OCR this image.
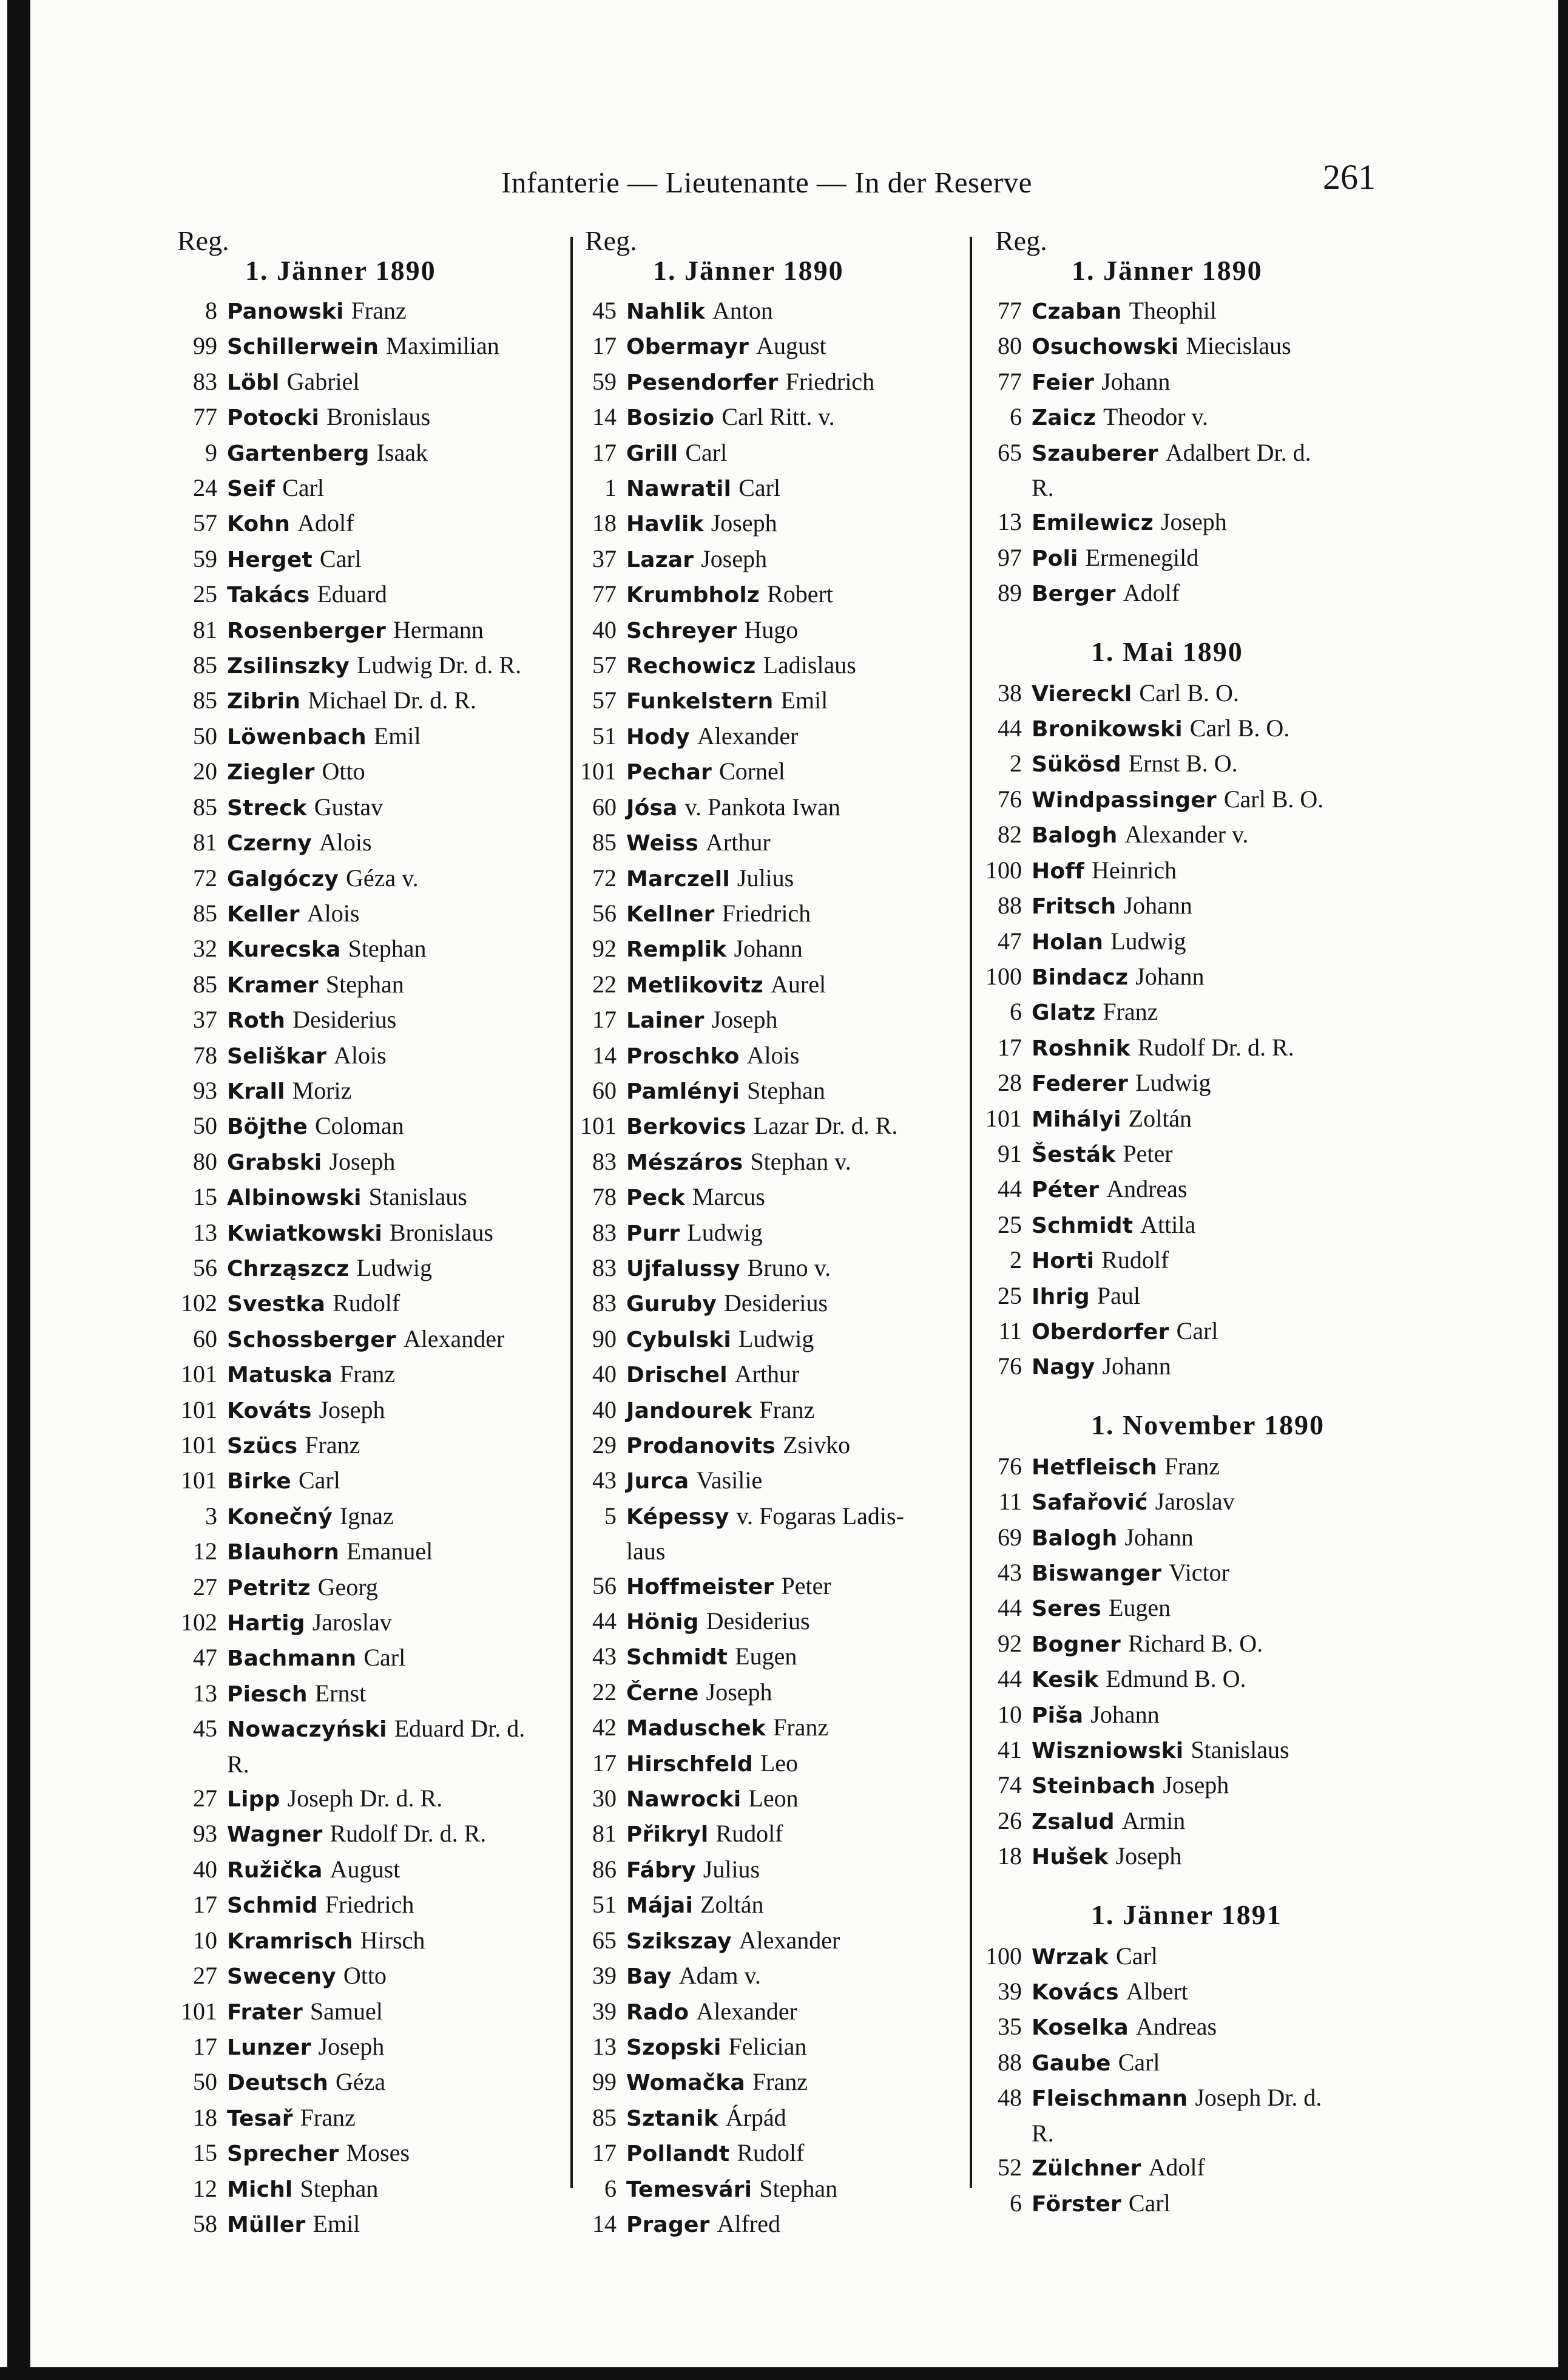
Infanterie — Lieutenante — In der Reserve	261
Reg.
1. Jänner 1890
8 Panowski Franz
99 Schillerwein Maximilian
83 Löbl Gabriel
77 Potocki Bronislaus
9 Gartenberg Isaak
24 Seif Carl
57 Kohn Adolf
59 Herget Carl
25 Takács Eduard
81 Rosenberger Hermann
85 Zsilinszky Ludwig Dr. d. R.
85 Zibrin Michael Dr. d. R.
50 Löwenbach Emil
20 Ziegler Otto
85 Streck Gustav
81 Czerny Alois
72 Galgóczy Géza v.
85 Keller Alois
32 Kurecska Stephan
85 Kramer Stephan
37 Roth Desiderius
78 Seliškar Alois
93 Krall Moriz
50 Böjthe Coloman
80 Grabski Joseph
15 Albinowski Stanislaus
13 Kwiatkowski Bronislaus
56 Chrząszcz Ludwig
102 Svestka Rudolf
60 Schossberger Alexander
101 Matuska Franz
101 Kováts Joseph
101 Szücs Franz
101 Birke Carl
3 Konečný Ignaz
12 Blauhorn Emanuel
27 Petritz Georg
102 Hartig Jaroslav
47 Bachmann Carl
13 Piesch Ernst
45 Nowaczyński Eduard Dr. d.
R.
27 Lipp Joseph Dr. d. R.
93 Wagner Rudolf Dr. d. R.
40 Ružička August
17 Schmid Friedrich
10 Kramrisch Hirsch
27 Sweceny Otto
101 Frater Samuel
17 Lunzer Joseph
50 Deutsch Géza
18 Tesař Franz
15 Sprecher Moses
12 Michl Stephan
58 Müller Emil
Reg.
1. Jänner 1890
45 Nahlik Anton
17 Obermayr August
59 Pesendorfer Friedrich
14 Bosizio Carl Ritt. v.
17 Grill Carl
1 Nawratil Carl
18 Havlik Joseph
37 Lazar Joseph
77 Krumbholz Robert
40 Schreyer Hugo
57 Rechowicz Ladislaus
57 Funkelstern Emil
51 Hody Alexander
101 Pechar Cornel
60 Jósa v. Pankota Iwan
85 Weiss Arthur
72 Marczell Julius
56 Kellner Friedrich
92 Remplik Johann
22 Metlikovitz Aurel
17 Lainer Joseph
14 Proschko Alois
60 Pamlényi Stephan
101 Berkovics Lazar Dr. d. R.
83 Mészáros Stephan v.
78 Peck Marcus
83 Purr Ludwig
83 Ujfalussy Bruno v.
83 Guruby Desiderius
90 Cybulski Ludwig
40 Drischel Arthur
40 Jandourek Franz
29 Prodanovits Zsivko
43 Jurca Vasilie
5 Képessy v. Fogaras Ladis-
laus
56 Hoffmeister Peter
44 Hönig Desiderius
43 Schmidt Eugen
22 Černe Joseph
42 Maduschek Franz
17 Hirschfeld Leo
30 Nawrocki Leon
81 Přikryl Rudolf
86 Fábry Julius
51 Májai Zoltán
65 Szikszay Alexander
39 Bay Adam v.
39 Rado Alexander
13 Szopski Felician
99 Womačka Franz
85 Sztanik Árpád
17 Pollandt Rudolf
6 Temesvári Stephan
14 Prager Alfred
Reg.
1. Jänner 1890
77 Czaban Theophil
80 Osuchowski Miecislaus
77 Feier Johann
6 Zaicz Theodor v.
65 Szauberer Adalbert Dr. d.
R.
13 Emilewicz Joseph
97 Poli Ermenegild
89 Berger Adolf
1. Mai 1890
38 Viereckl Carl B. O.
44 Bronikowski Carl B. O.
2 Sükösd Ernst B. O.
76 Windpassinger Carl B. O.
82 Balogh Alexander v.
100 Hoff Heinrich
88 Fritsch Johann
47 Holan Ludwig
100 Bindacz Johann
6 Glatz Franz
17 Roshnik Rudolf Dr. d. R.
28 Federer Ludwig
101 Mihályi Zoltán
91 Šesták Peter
44 Péter Andreas
25 Schmidt Attila
2 Horti Rudolf
25 Ihrig Paul
11 Oberdorfer Carl
76 Nagy Johann
1. November 1890
76 Hetfleisch Franz
11 Safařović Jaroslav
69 Balogh Johann
43 Biswanger Victor
44 Seres Eugen
92 Bogner Richard B. O.
44 Kesik Edmund B. O.
10 Piša Johann
41 Wiszniowski Stanislaus
74 Steinbach Joseph
26 Zsalud Armin
18 Hušek Joseph
1. Jänner 1891
100 Wrzak Carl
39 Kovács Albert
35 Koselka Andreas
88 Gaube Carl
48 Fleischmann Joseph Dr. d.
R.
52 Zülchner Adolf
6 Förster Carl
